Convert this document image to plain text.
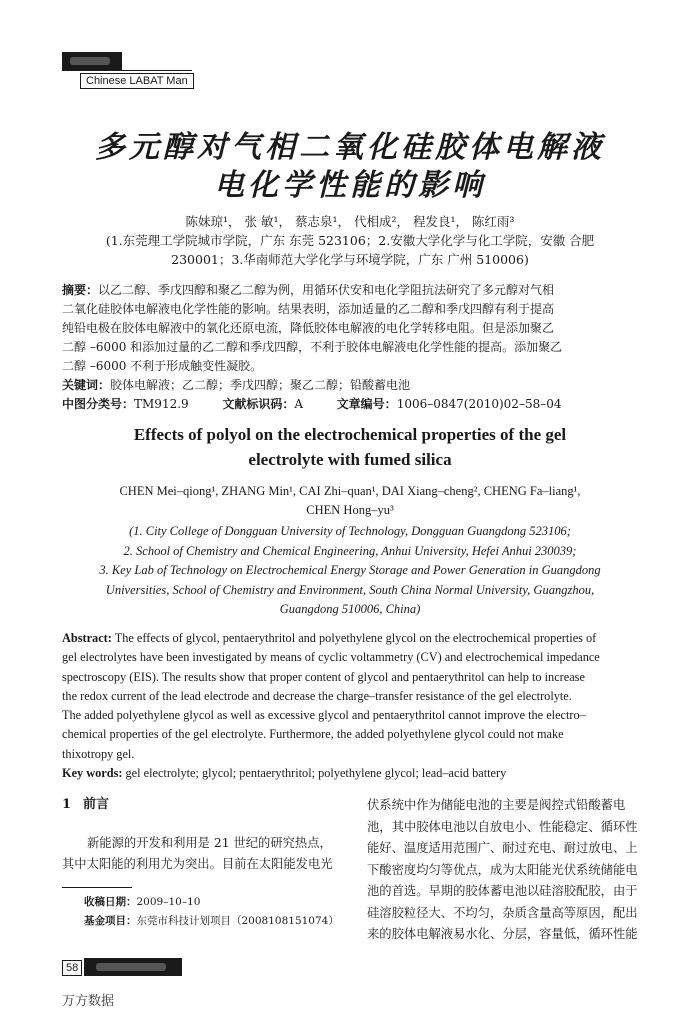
Chinese LABAT Man
多元醇对气相二氧化硅胶体电解液
电化学性能的影响
陈妹琼¹， 张 敏¹， 蔡志泉¹， 代相成²， 程发良¹， 陈红雨³
(1.东莞理工学院城市学院，广东 东莞 523106；2.安徽大学化学与化工学院，安徽 合肥
230001；3.华南师范大学化学与环境学院，广东 广州 510006)
摘要：以乙二醇、季戊四醇和聚乙二醇为例，用循环伏安和电化学阻抗法研究了多元醇对气相
二氧化硅胶体电解液电化学性能的影响。结果表明，添加适量的乙二醇和季戊四醇有利于提高
纯铅电极在胶体电解液中的氧化还原电流，降低胶体电解液的电化学转移电阻。但是添加聚乙
二醇 –6000 和添加过量的乙二醇和季戊四醇，不利于胶体电解液电化学性能的提高。添加聚乙
二醇 –6000 不利于形成触变性凝胶。
关键词：胶体电解液；乙二醇；季戊四醇；聚乙二醇；铅酸蓄电池
中图分类号：TM912.9	文献标识码：A	文章编号：1006–0847(2010)02–58–04
Effects of polyol on the electrochemical properties of the gel
electrolyte with fumed silica
CHEN Mei–qiong¹, ZHANG Min¹, CAI Zhi–quan¹, DAI Xiang–cheng², CHENG Fa–liang¹,
CHEN Hong–yu³
(1. City College of Dongguan University of Technology, Dongguan Guangdong 523106;
2. School of Chemistry and Chemical Engineering, Anhui University, Hefei Anhui 230039;
3. Key Lab of Technology on Electrochemical Energy Storage and Power Generation in Guangdong
Universities, School of Chemistry and Environment, South China Normal University, Guangzhou,
Guangdong 510006, China)
Abstract: The effects of glycol, pentaerythritol and polyethylene glycol on the electrochemical properties of
gel electrolytes have been investigated by means of cyclic voltammetry (CV) and electrochemical impedance
spectroscopy (EIS). The results show that proper content of glycol and pentaerythritol can help to increase
the redox current of the lead electrode and decrease the charge–transfer resistance of the gel electrolyte.
The added polyethylene glycol as well as excessive glycol and pentaerythritol cannot improve the electro–
chemical properties of the gel electrolyte. Furthermore, the added polyethylene glycol could not make
thixotropy gel.
Key words: gel electrolyte; glycol; pentaerythritol; polyethylene glycol; lead–acid battery
1 前言
新能源的开发和利用是 21 世纪的研究热点，
其中太阳能的利用尤为突出。目前在太阳能发电光
伏系统中作为储能电池的主要是阀控式铅酸蓄电
池，其中胶体电池以自放电小、性能稳定、循环性
能好、温度适用范围广、耐过充电、耐过放电、上
下酸密度均匀等优点，成为太阳能光伏系统储能电
池的首选。早期的胶体蓄电池以硅溶胶配胶，由于
硅溶胶粒径大、不均匀，杂质含量高等原因，配出
来的胶体电解液易水化、分层，容量低，循环性能
收稿日期：2009–10–10
基金项目：东莞市科技计划项目（2008108151074）
58
万方数据
